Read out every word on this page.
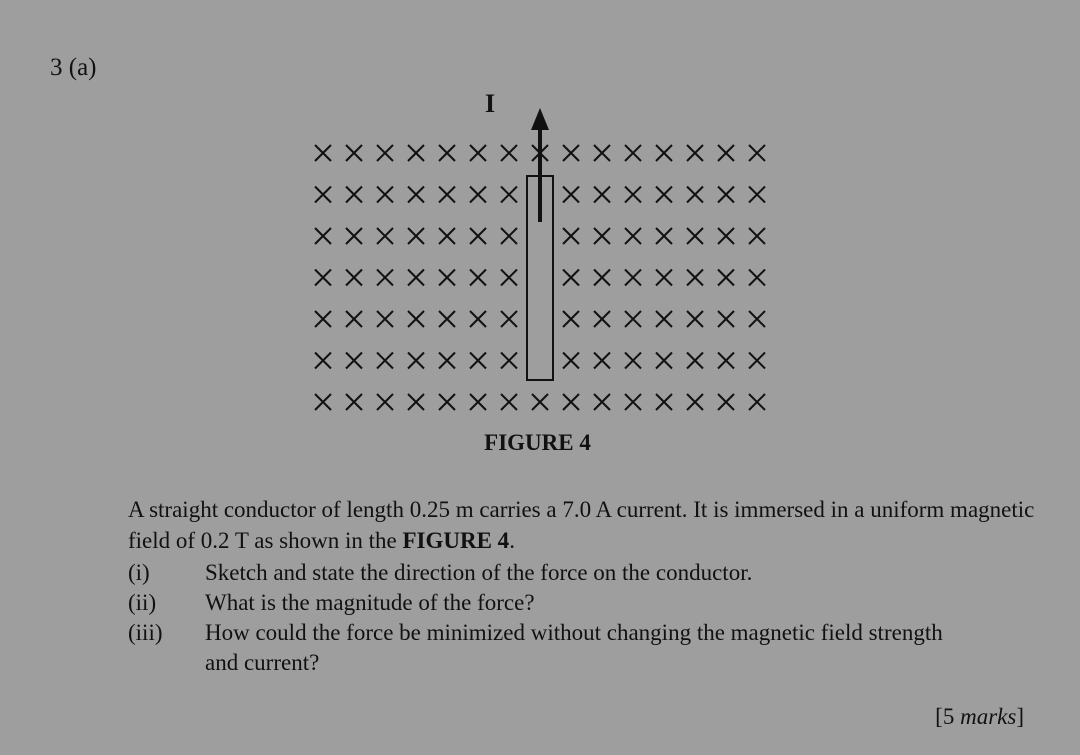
3 (a)
I
FIGURE 4
A straight conductor of length 0.25 m carries a 7.0 A current. It is immersed in a uniform magnetic field of 0.2 T as shown in the FIGURE 4.
(i)	Sketch and state the direction of the force on the conductor.
(ii)	What is the magnitude of the force?
(iii)	How could the force be minimized without changing the magnetic field strength and current?
[5 marks]
